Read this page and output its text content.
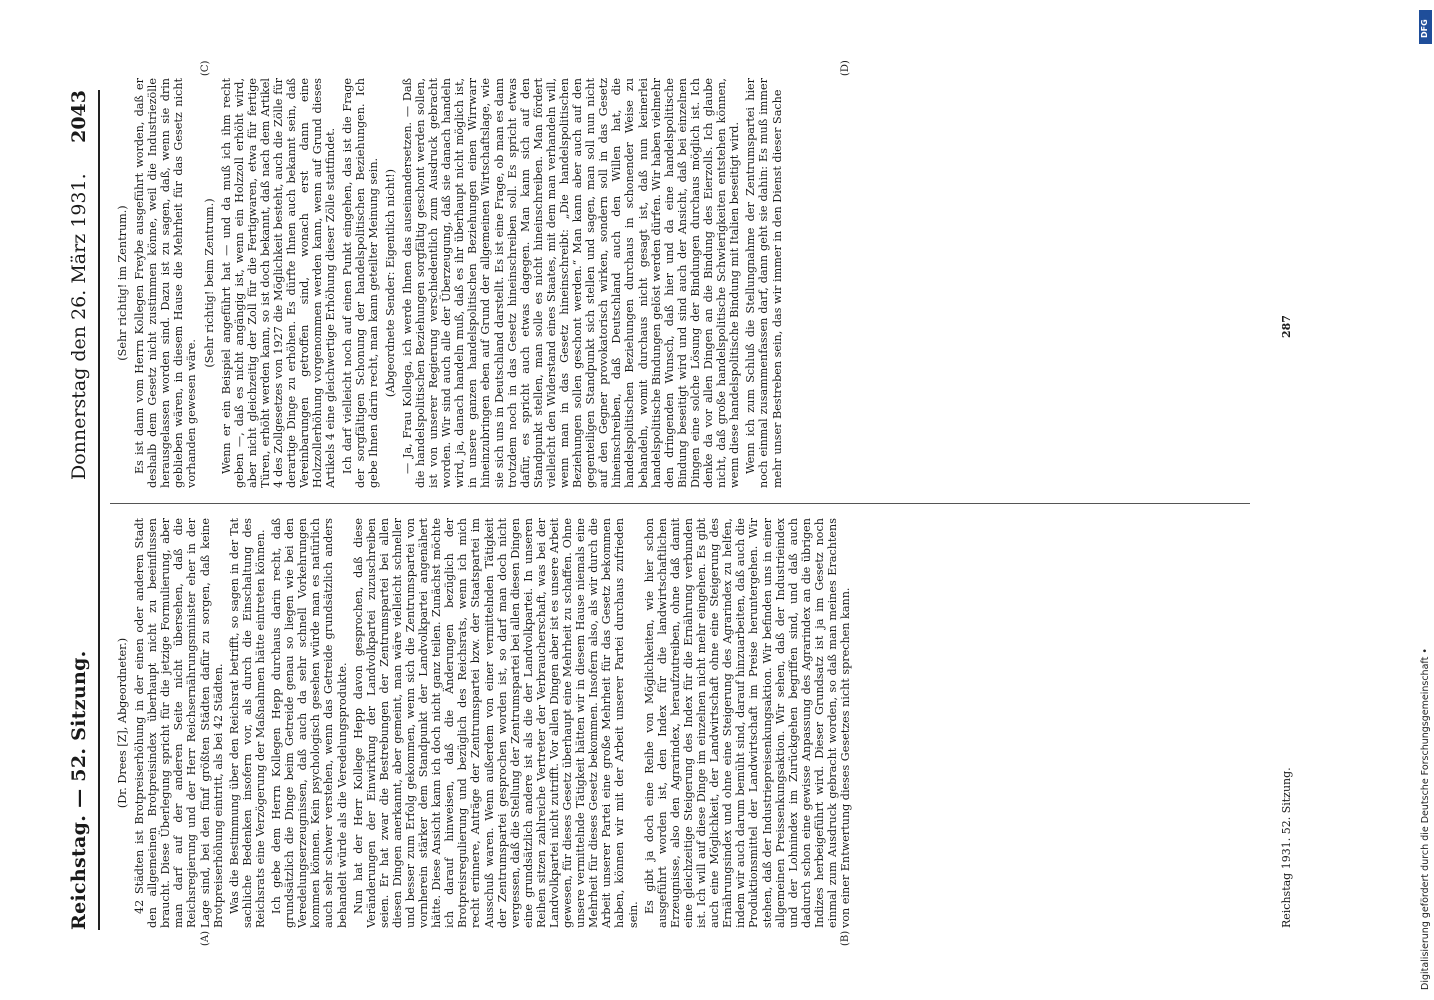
Reichstag. — 52. Sitzung.
Donnerstag den 26. März 1931.
2043
(A)	(B)
(C)	(D)

(Dr. Drees [Z], Abgeordneter.) 42 Städten ist Brotpreiserhöhung in der einen oder anderen Stadt den allgemeinen Brotpreisindex überhaupt nicht zu beeinflussen braucht. Diese Überlegung spricht für die jetzige Formulierung, aber man darf auf der anderen Seite nicht übersehen, daß die Reichsregierung und der Herr Reichsernährungsminister eher in der Lage sind, bei den fünf größten Städten dafür zu sorgen, daß keine Brotpreiserhöhung eintritt, als bei 42 Städten. Was die Bestimmung über den Reichsrat betrifft, so sagen in der Tat sachliche Bedenken insofern vor, als durch die Einschaltung des Reichsrats eine Verzögerung der Maßnahmen hätte eintreten können. Ich gebe dem Herrn Kollegen Hepp durchaus darin recht, daß grundsätzlich die Dinge beim Getreide genau so liegen wie bei den Veredelungserzeugnissen, daß auch da sehr schnell Vorkehrungen kommen können. Kein psychologisch gesehen würde man es natürlich auch sehr schwer verstehen, wenn das Getreide grundsätzlich anders behandelt würde als die Veredelungsprodukte. Nun hat der Herr Kollege Hepp davon gesprochen, daß diese Veränderungen der Einwirkung der Landvolkpartei zuzuschreiben seien. Er hat zwar die Bestrebungen der Zentrumspartei bei allen diesen Dingen anerkannt, aber gemeint, man wäre vielleicht schneller und besser zum Erfolg gekommen, wenn sich die Zentrumspartei von vornherein stärker dem Standpunkt der Landvolkpartei angenähert hätte. Diese Ansicht kann ich doch nicht ganz teilen. Zunächst möchte ich darauf hinweisen, daß die Änderungen bezüglich der Brotpreisregulierung und bezüglich des Reichsrats, wenn ich mich recht erinnere, Anträge der Zentrumspartei bzw. der Staatspartei im Ausschuß waren. Wenn außerdem von einer vermittelnden Tätigkeit der Zentrumspartei gesprochen worden ist, so darf man doch nicht vergessen, daß die Stellung der Zentrumspartei bei allen diesen Dingen eine grundsätzlich andere ist als die der Landvolkpartei. In unseren Reihen sitzen zahlreiche Vertreter der Verbraucherschaft, was bei der Landvolkpartei nicht zutrifft. Vor allen Dingen aber ist es unsere Arbeit gewesen, für dieses Gesetz überhaupt eine Mehrheit zu schaffen. Ohne unsere vermittelnde Tätigkeit hätten wir in diesem Hause niemals eine Mehrheit für dieses Gesetz bekommen. Insofern also, als wir durch die Arbeit unserer Partei eine große Mehrheit für das Gesetz bekommen haben, können wir mit der Arbeit unserer Partei durchaus zufrieden sein.

Es gibt ja doch eine Reihe von Möglichkeiten, wie hier schon ausgeführt worden ist, den Index für die landwirtschaftlichen Erzeugnisse, also den Agrarindex, heraufzutreiben, ohne daß damit eine gleichzeitige Steigerung des Index für die Ernährung verbunden ist. Ich will auf diese Dinge im einzelnen nicht mehr eingehen. Es gibt auch eine Möglichkeit, der Landwirtschaft ohne eine Steigerung des Ernährungsindex und ohne eine Steigerung des Agrarindex zu helfen, indem wir auch darum bemüht sind, darauf hinzuarbeiten, daß auch die Produktionsmittel der Landwirtschaft im Preise heruntergehen. Wir stehen, daß der Industriepreisenkungsaktion. Wir befinden uns in einer allgemeinen Preissenkungsaktion. Wir sehen, daß der Industrieindex und der Lohnindex im Zurückgehen begriffen sind, und daß auch dadurch schon eine gewisse Anpassung des Agrarindex an die übrigen Indizes herbeigeführt wird. Dieser Grundsatz ist ja im Gesetz noch einmal zum Ausdruck gebracht worden, so daß man meines Erachtens von einer Entwertung dieses Gesetzes nicht sprechen kann.

(Sehr richtig! im Zentrum.) Es ist dann vom Herrn Kollegen Freybe ausgeführt worden, daß er deshalb dem Gesetz nicht zustimmen könne, weil die Industriezölle herausgelassen worden sind. Dazu ist zu sagen, daß, wenn sie drin geblieben wären, in diesem Hause die Mehrheit für das Gesetz nicht vorhanden gewesen wäre.

(Sehr richtig! beim Zentrum.) Wenn er ein Beispiel angeführt hat — und da muß ich ihm recht geben —, daß es nicht angängig ist, wenn ein Holzzoll erhöht wird, aber nicht gleichzeitig der Zoll für die Fertigwaren, etwa für fertige Türen, erhöht werden kann, so ist doch bekannt, daß nach dem Artikel 4 des Zollgesetzes von 1927 die Möglichkeit besteht, auch die Zölle für derartige Dinge zu erhöhen. Es dürfte Ihnen auch bekannt sein, daß Vereinbarungen getroffen sind, wonach erst dann eine Holzzollerhöhung vorgenommen werden kann, wenn auf Grund dieses Artikels 4 eine gleichwertige Erhöhung dieser Zölle stattfindet. Ich darf vielleicht noch auf einen Punkt eingehen, das ist die Frage der sorgfältigen Schonung der handelspolitischen Beziehungen. Ich gebe Ihnen darin recht, man kann geteilter Meinung sein. (Abgeordnete Sender: Eigentlich nicht!) — Ja, Frau Kollega, ich werde Ihnen das auseinandersetzen. — Daß die handelspolitischen Beziehungen sorgfältig geschont werden sollen, ist von unserer Regierung verschiedentlich zum Ausdruck gebracht worden. Wir sind auch alle der Überzeugung, daß sie danach handeln wird, ja, danach handeln muß, daß es ihr überhaupt nicht möglich ist, in unsere ganzen handelspolitischen Beziehungen einen Wirrwarr hineinzubringen eben auf Grund der allgemeinen Wirtschaftslage, wie sie sich uns in Deutschland darstellt. Es ist eine Frage, ob man es dann trotzdem noch in das Gesetz hineinschreiben soll. Es spricht etwas dafür, es spricht auch etwas dagegen. Man kann sich auf den Standpunkt stellen, man solle es nicht hineinschreiben. Man fördert vielleicht den Widerstand eines Staates, mit dem man verhandeln will, wenn man in das Gesetz hineinschreibt: „Die handelspolitischen Beziehungen sollen geschont werden.“ Man kann aber auch auf den gegenteiligen Standpunkt sich stellen und sagen, man soll nun nicht auf den Gegner provokatorisch wirken, sondern soll in das Gesetz hineinschreiben, daß Deutschland auch den Willen hat, die handelspolitischen Beziehungen durchaus in schonender Weise zu behandeln, womit durchaus nicht gesagt ist, daß nun keinerlei handelspolitische Bindungen gelöst werden dürfen. Wir haben vielmehr den dringenden Wunsch, daß hier und da eine handelspolitische Bindung beseitigt wird und sind auch der Ansicht, daß bei einzelnen Dingen eine solche Lösung der Bindungen durchaus möglich ist. Ich denke da vor allen Dingen an die Bindung des Eierzolls. Ich glaube nicht, daß große handelspolitische Schwierigkeiten entstehen können, wenn diese handelspolitische Bindung mit Italien beseitigt wird. Wenn ich zum Schluß die Stellungnahme der Zentrumspartei hier noch einmal zusammenfassen darf, dann geht sie dahin: Es muß immer mehr unser Bestreben sein, das wir immer in den Dienst dieser Sache

Reichstag 1931. 52. Sitzung.
287
DFG
Digitalisierung gefördert durch die Deutsche Forschungsgemeinschaft •
